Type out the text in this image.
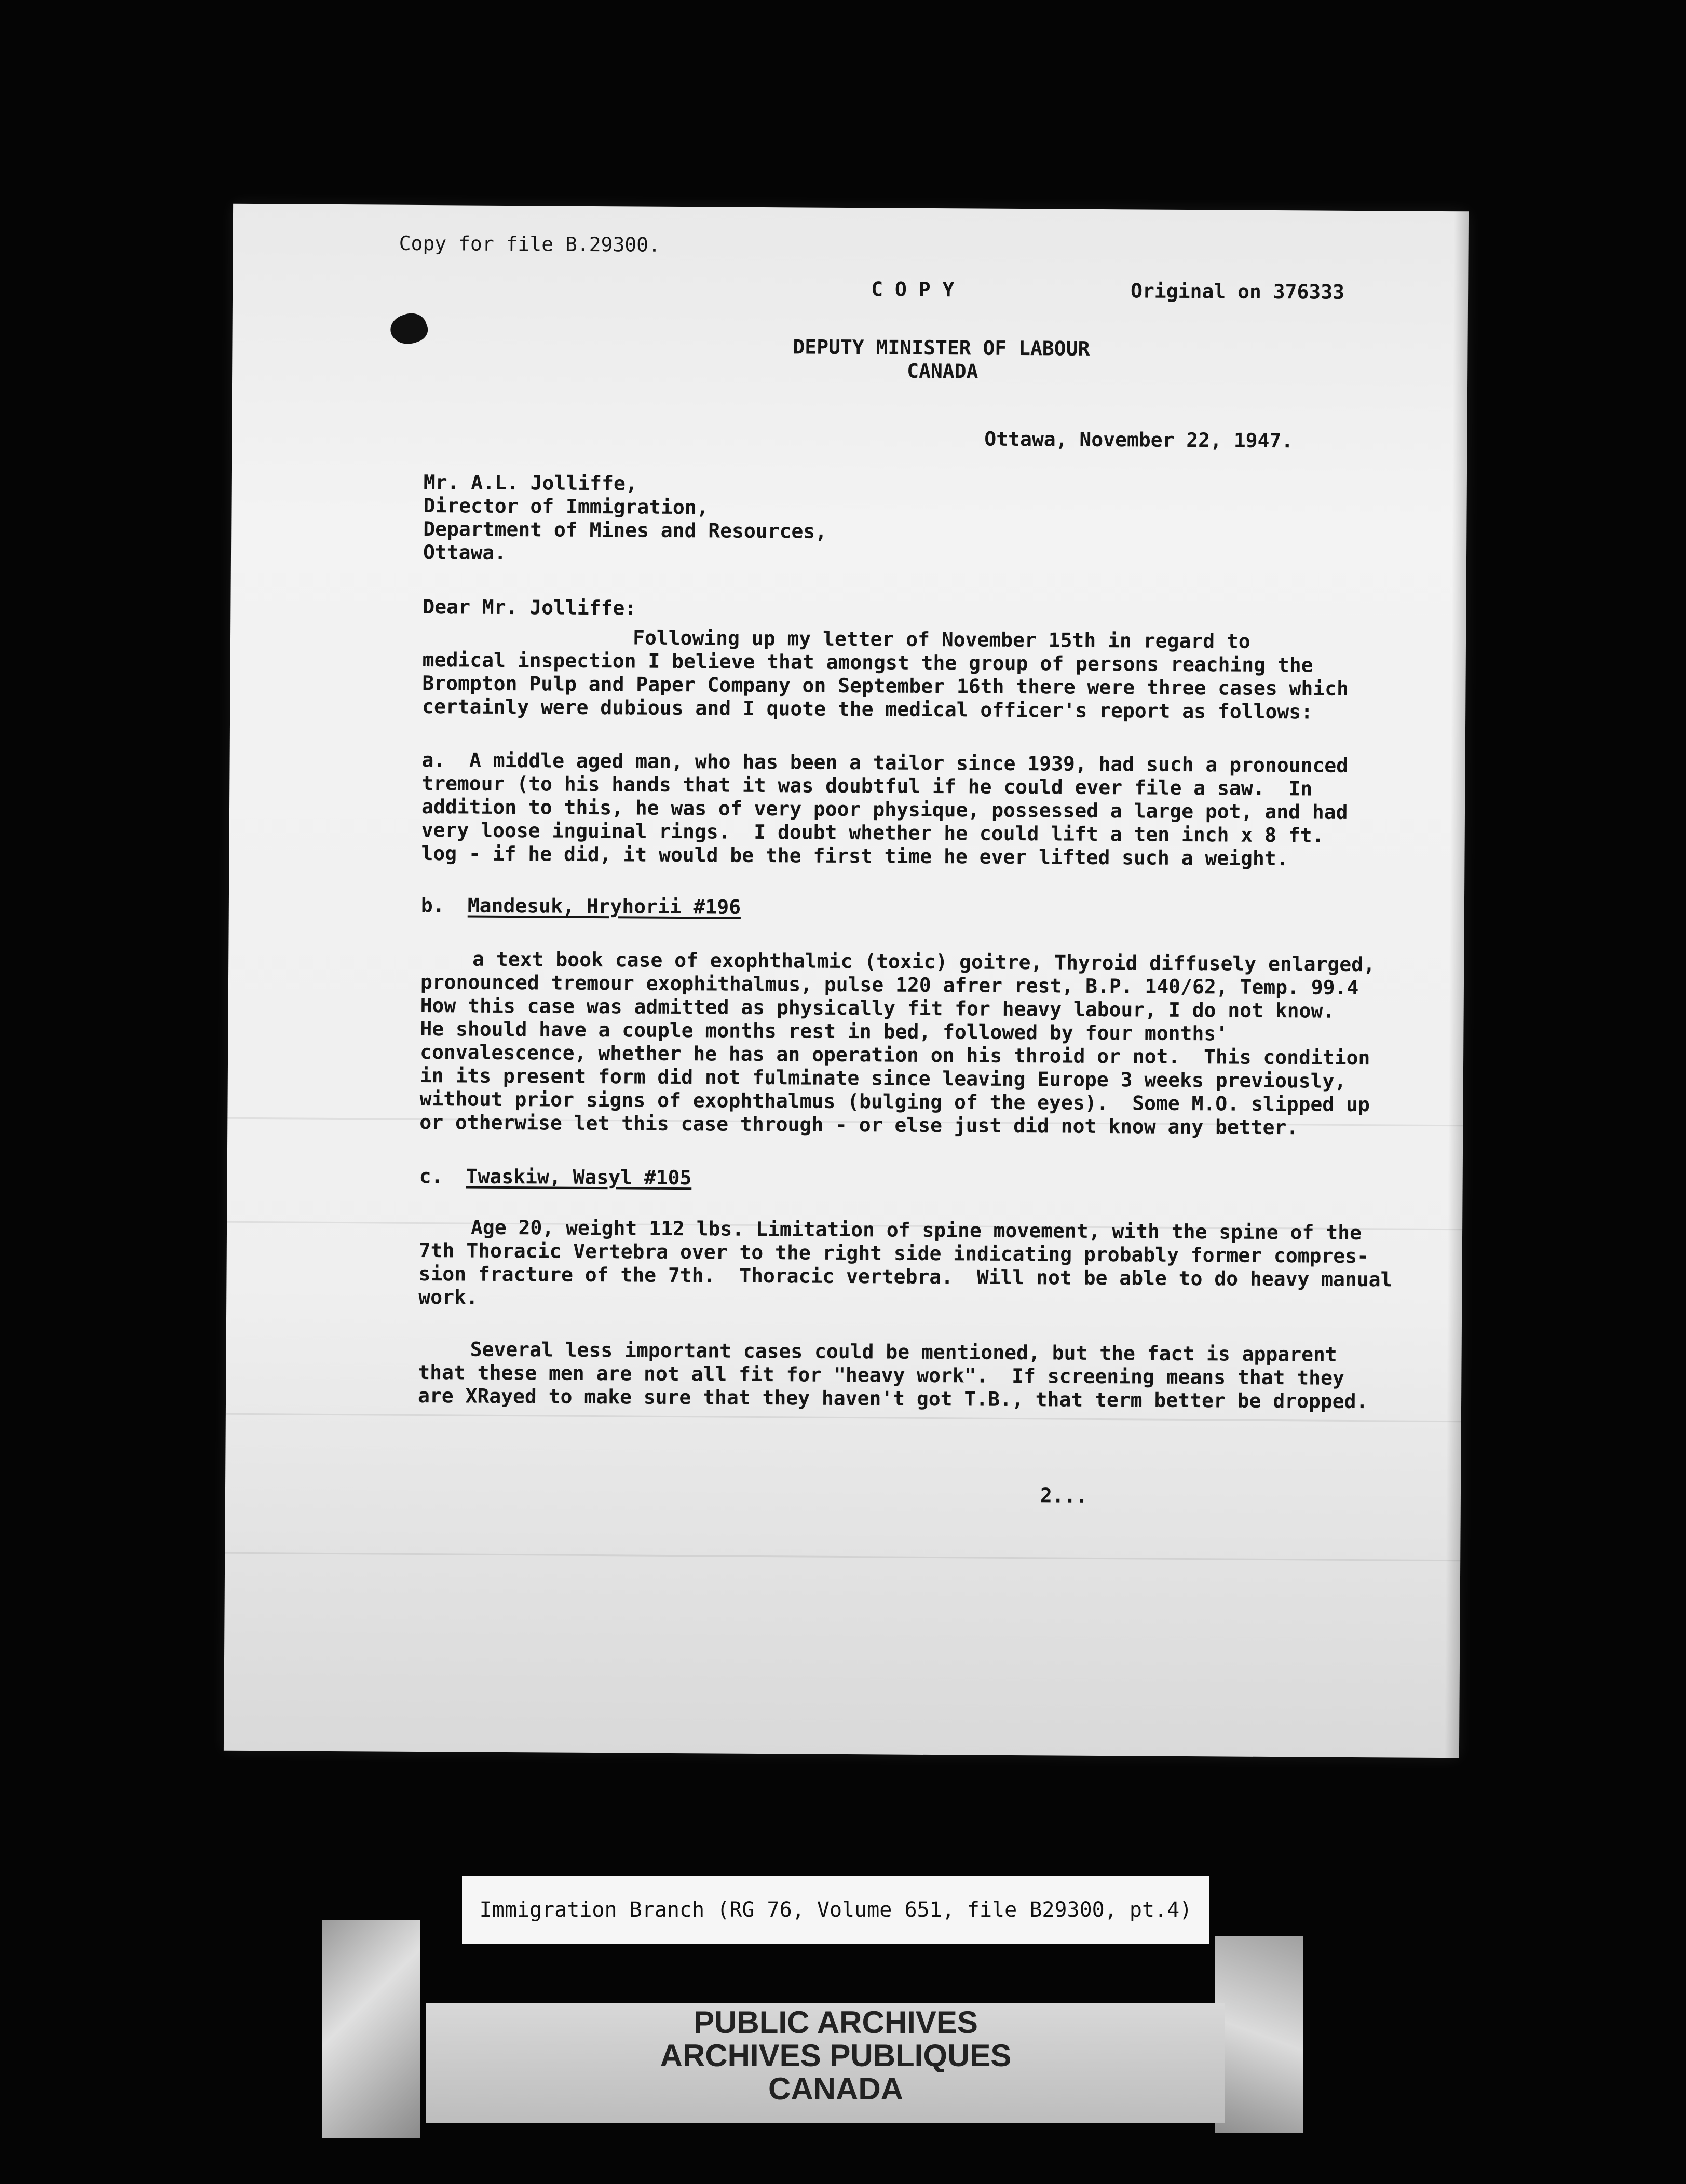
Copy for file B.29300.
C O P Y	Original on 376333
DEPUTY MINISTER OF LABOUR
CANADA
Ottawa, November 22, 1947.
Mr. A.L. Jolliffe,
Director of Immigration,
Department of Mines and Resources,
Ottawa.
Dear Mr. Jolliffe:
Following up my letter of November 15th in regard to
medical inspection I believe that amongst the group of persons reaching the
Brompton Pulp and Paper Company on September 16th there were three cases which
certainly were dubious and I quote the medical officer's report as follows:
a.  A middle aged man, who has been a tailor since 1939, had such a pronounced
tremour (to his hands that it was doubtful if he could ever file a saw.  In
addition to this, he was of very poor physique, possessed a large pot, and had
very loose inguinal rings.  I doubt whether he could lift a ten inch x 8 ft.
log - if he did, it would be the first time he ever lifted such a weight.
b. Mandesuk, Hryhorii #196
a text book case of exophthalmic (toxic) goitre, Thyroid diffusely enlarged,
pronounced tremour exophithalmus, pulse 120 afrer rest, B.P. 140/62, Temp. 99.4
How this case was admitted as physically fit for heavy labour, I do not know.
He should have a couple months rest in bed, followed by four months'
convalescence, whether he has an operation on his throid or not.  This condition
in its present form did not fulminate since leaving Europe 3 weeks previously,
without prior signs of exophthalmus (bulging of the eyes).  Some M.O. slipped up
or otherwise let this case through - or else just did not know any better.
c. Twaskiw, Wasyl #105
Age 20, weight 112 lbs. Limitation of spine movement, with the spine of the
7th Thoracic Vertebra over to the right side indicating probably former compres-
sion fracture of the 7th.  Thoracic vertebra.  Will not be able to do heavy manual
work.
Several less important cases could be mentioned, but the fact is apparent
that these men are not all fit for "heavy work".  If screening means that they
are XRayed to make sure that they haven't got T.B., that term better be dropped.
2...
Immigration Branch (RG 76, Volume 651, file B29300, pt.4)
PUBLIC ARCHIVES
ARCHIVES PUBLIQUES
CANADA
